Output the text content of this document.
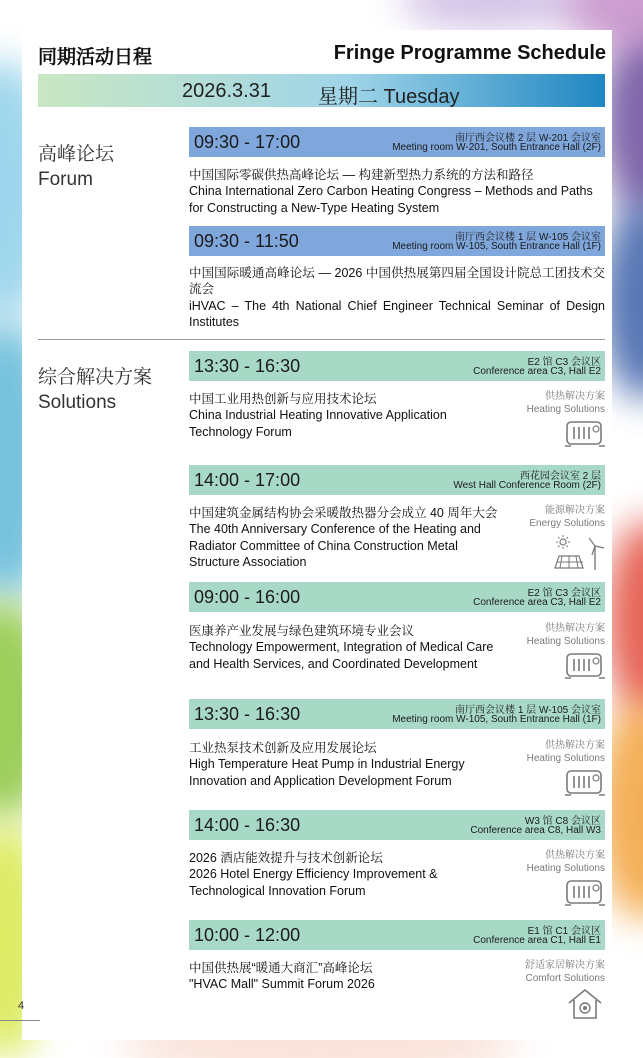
同期活动日程	Fringe Programme Schedule
2026.3.31 星期二 Tuesday
高峰论坛
Forum
09:30 - 17:00	南厅西会议楼 2 层 W-201 会议室
Meeting room W-201, South Entrance Hall (2F)
中国国际零碳供热高峰论坛 — 构建新型热力系统的方法和路径
China International Zero Carbon Heating Congress – Methods and Paths
for Constructing a New-Type Heating System
09:30 - 11:50	南厅西会议楼 1 层 W-105 会议室
Meeting room W-105, South Entrance Hall (1F)
中国国际暖通高峰论坛 — 2026 中国供热展第四届全国设计院总工团技术交流会
iHVAC – The 4th National Chief Engineer Technical Seminar of Design Institutes
综合解决方案
Solutions
13:30 - 16:30	E2 馆 C3 会议区
Conference area C3, Hall E2
中国工业用热创新与应用技术论坛
China Industrial Heating Innovative Application
Technology Forum
供热解决方案
Heating Solutions
14:00 - 17:00	西花园会议室 2 层
West Hall Conference Room (2F)
中国建筑金属结构协会采暖散热器分会成立 40 周年大会
The 40th Anniversary Conference of the Heating and
Radiator Committee of China Construction Metal
Structure Association
能源解决方案
Energy Solutions
09:00 - 16:00	E2 馆 C3 会议区
Conference area C3, Hall E2
医康养产业发展与绿色建筑环境专业会议
Technology Empowerment, Integration of Medical Care
and Health Services, and Coordinated Development
供热解决方案
Heating Solutions
13:30 - 16:30	南厅西会议楼 1 层 W-105 会议室
Meeting room W-105, South Entrance Hall (1F)
工业热泵技术创新及应用发展论坛
High Temperature Heat Pump in Industrial Energy
Innovation and Application Development Forum
供热解决方案
Heating Solutions
14:00 - 16:30	W3 馆 C8 会议区
Conference area C8, Hall W3
2026 酒店能效提升与技术创新论坛
2026 Hotel Energy Efficiency Improvement &
Technological Innovation Forum
供热解决方案
Heating Solutions
10:00 - 12:00	E1 馆 C1 会议区
Conference area C1, Hall E1
中国供热展“暖通大商汇”高峰论坛
"HVAC Mall" Summit Forum 2026
舒适家居解决方案
Comfort Solutions
4
